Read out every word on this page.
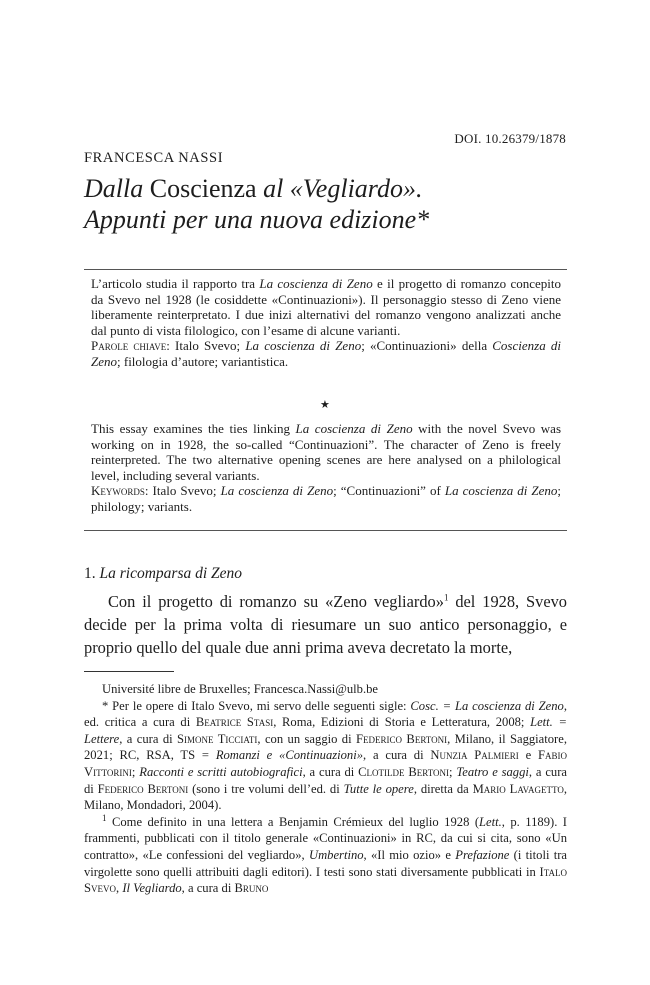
DOI. 10.26379/1878
FRANCESCA NASSI
Dalla Coscienza al «Vegliardo».
Appunti per una nuova edizione*

L’articolo studia il rapporto tra La coscienza di Zeno e il progetto di romanzo concepito da Svevo nel 1928 (le cosiddette «Continuazioni»). Il personaggio stesso di Zeno viene liberamente reinterpretato. I due inizi alternativi del romanzo vengono analizzati anche dal punto di vista filologico, con l’esame di alcune varianti.

Parole chiave: Italo Svevo; La coscienza di Zeno; «Continuazioni» della Coscienza di Zeno; filologia d’autore; variantistica.

★

This essay examines the ties linking La coscienza di Zeno with the novel Svevo was working on in 1928, the so-called “Continuazioni”. The character of Zeno is freely reinterpreted. The two alternative opening scenes are here analysed on a philological level, including several variants.

Keywords: Italo Svevo; La coscienza di Zeno; “Continuazioni” of La coscienza di Zeno; philology; variants.

1. La ricomparsa di Zeno

Con il progetto di romanzo su «Zeno vegliardo»$^1$ del 1928, Svevo decide per la prima volta di riesumare un suo antico personaggio, e proprio quello del quale due anni prima aveva decretato la morte,

Université libre de Bruxelles; Francesca.Nassi@ulb.be

* Per le opere di Italo Svevo, mi servo delle seguenti sigle: Cosc. = La coscienza di Zeno, ed. critica a cura di Beatrice Stasi, Roma, Edizioni di Storia e Letteratura, 2008; Lett. = Lettere, a cura di Simone Ticciati, con un saggio di Federico Bertoni, Milano, il Saggiatore, 2021; RC, RSA, TS = Romanzi e «Continuazioni», a cura di Nunzia Palmieri e Fabio Vittorini; Racconti e scritti autobiografici, a cura di Clotilde Bertoni; Teatro e saggi, a cura di Federico Bertoni (sono i tre volumi dell’ed. di Tutte le opere, diretta da Mario Lavagetto, Milano, Mondadori, 2004).

$^1$ Come definito in una lettera a Benjamin Crémieux del luglio 1928 (Lett., p. 1189). I frammenti, pubblicati con il titolo generale «Continuazioni» in RC, da cui si cita, sono «Un contratto», «Le confessioni del vegliardo», Umbertino, «Il mio ozio» e Prefazione (i titoli tra virgolette sono quelli attribuiti dagli editori). I testi sono stati diversamente pubblicati in Italo Svevo, Il Vegliardo, a cura di Bruno
